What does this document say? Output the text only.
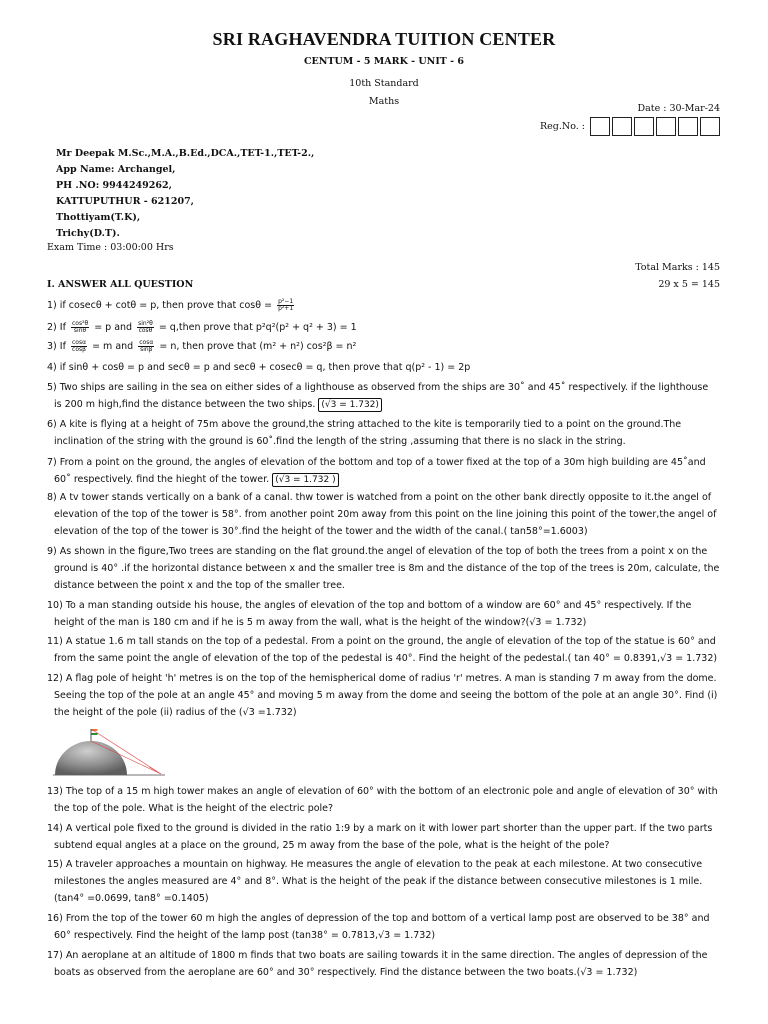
SRI RAGHAVENDRA TUITION CENTER
CENTUM - 5 MARK - UNIT - 6
10th Standard
Maths
Date : 30-Mar-24
Reg.No. :
Mr Deepak M.Sc.,M.A.,B.Ed.,DCA.,TET-1.,TET-2.,
App Name: Archangel,
PH .NO: 9944249262,
KATTUPUTHUR - 621207,
Thottiyam(T.K),
Trichy(D.T).
Exam Time : 03:00:00 Hrs
Total Marks : 145
29 x 5 = 145
I. ANSWER ALL QUESTION
1) if cosecθ + cotθ = p, then prove that $\cos\theta = \frac{\text{p²−1}}{\text{p²+1}}$
2) If $\frac{\text{cos²θ}}{\sin\theta} = p$ and $\frac{\text{sin²θ}}{\cos\theta}$ = q,then prove that p²q²(p² + q² + 3) = 1
3) If $\frac{\cos\alpha}{\cos\beta} = m$ and $\frac{\cos\alpha}{\sin\beta} = n$, then prove that (m² + n²) cos²β = n²
4) if sinθ + cosθ = p and secθ = p and secθ + cosecθ = q, then prove that q(p² - 1) = 2p
5) Two ships are sailing in the sea on either sides of a lighthouse as observed from the ships are 30˚ and 45˚ respectively. if the lighthouse
is 200 m high,find the distance between the two ships. (√3 = 1.732)
6) A kite is flying at a height of 75m above the ground,the string attached to the kite is temporarily tied to a point on the ground.The
inclination of the string with the ground is 60˚.find the length of the string ,assuming that there is no slack in the string.
7) From a point on the ground, the angles of elevation of the bottom and top of a tower fixed at the top of a 30m high building are 45˚and
60˚ respectively. find the hieght of the tower. (√3 = 1.732 )
8) A tv tower stands vertically on a bank of a canal. thw tower is watched from a point on the other bank directly opposite to it.the angel of
elevation of the top of the tower is 58°. from another point 20m away from this point on the line joining this point of the tower,the angel of
elevation of the top of the tower is 30°.find the height of the tower and the width of the canal.( tan58°=1.6003)
9) As shown in the figure,Two trees are standing on the flat ground.the angel of elevation of the top of both the trees from a point x on the
ground is 40° .if the horizontal distance between x and the smaller tree is 8m and the distance of the top of the trees is 20m, calculate, the
distance between the point x and the top of the smaller tree.
10) To a man standing outside his house, the angles of elevation of the top and bottom of a window are 60° and 45° respectively. If the
height of the man is 180 cm and if he is 5 m away from the wall, what is the height of the window?(√3 = 1.732)
11) A statue 1.6 m tall stands on the top of a pedestal. From a point on the ground, the angle of elevation of the top of the statue is 60° and
from the same point the angle of elevation of the top of the pedestal is 40°. Find the height of the pedestal.( tan 40° = 0.8391,√3 = 1.732)
12) A flag pole of height 'h' metres is on the top of the hemispherical dome of radius 'r' metres. A man is standing 7 m away from the dome.
Seeing the top of the pole at an angle 45° and moving 5 m away from the dome and seeing the bottom of the pole at an angle 30°. Find (i)
the height of the pole (ii) radius of the (√3 =1.732)
13) The top of a 15 m high tower makes an angle of elevation of 60° with the bottom of an electronic pole and angle of elevation of 30° with
the top of the pole. What is the height of the electric pole?
14) A vertical pole fixed to the ground is divided in the ratio 1:9 by a mark on it with lower part shorter than the upper part. If the two parts
subtend equal angles at a place on the ground, 25 m away from the base of the pole, what is the height of the pole?
15) A traveler approaches a mountain on highway. He measures the angle of elevation to the peak at each milestone. At two consecutive
milestones the angles measured are 4° and 8°. What is the height of the peak if the distance between consecutive milestones is 1 mile.
(tan4° =0.0699, tan8° =0.1405)
16) From the top of the tower 60 m high the angles of depression of the top and bottom of a vertical lamp post are observed to be 38° and
60° respectively. Find the height of the lamp post (tan38° = 0.7813,√3 = 1.732)
17) An aeroplane at an altitude of 1800 m finds that two boats are sailing towards it in the same direction. The angles of depression of the
boats as observed from the aeroplane are 60° and 30° respectively. Find the distance between the two boats.(√3 = 1.732)
